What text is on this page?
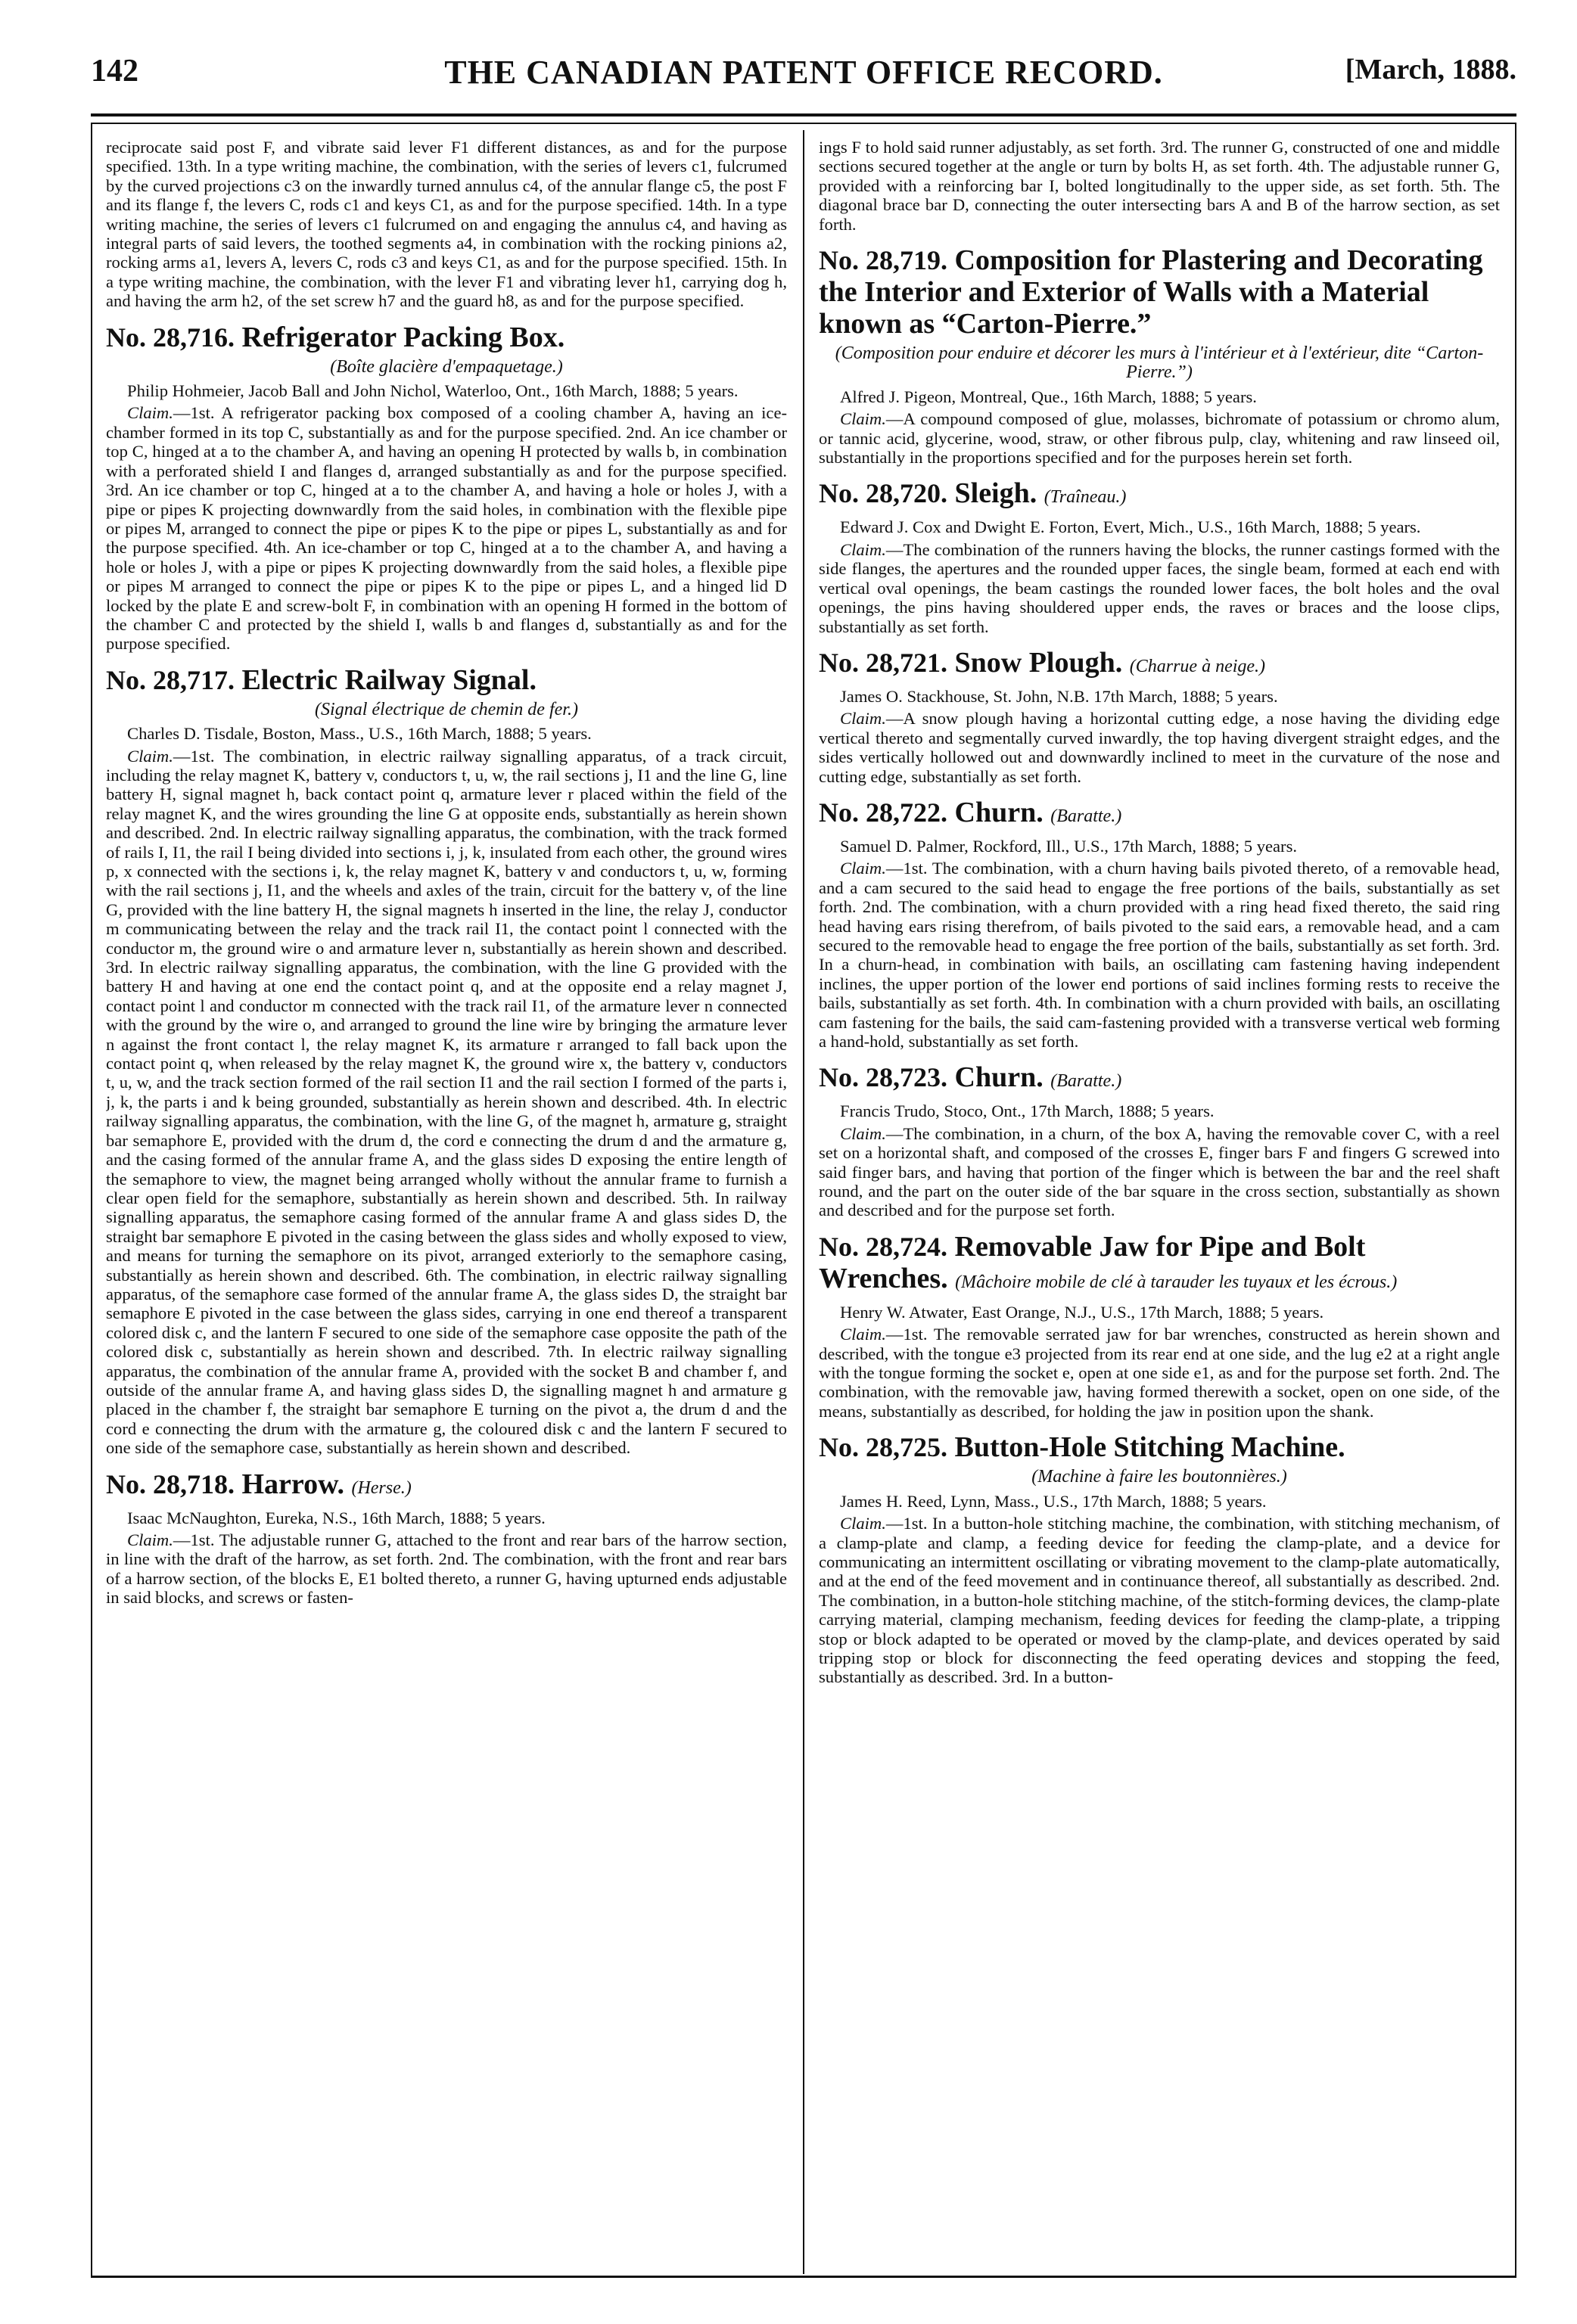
142	THE CANADIAN PATENT OFFICE RECORD.	[March, 1888.

reciprocate said post F, and vibrate said lever F1 different distances, as and for the purpose specified. 13th. In a type writing machine, the combination, with the series of levers c1, fulcrumed by the curved projections c3 on the inwardly turned annulus c4, of the annular flange c5, the post F and its flange f, the levers C, rods c1 and keys C1, as and for the purpose specified. 14th. In a type writing machine, the series of levers c1 fulcrumed on and engaging the annulus c4, and having as integral parts of said levers, the toothed segments a4, in combination with the rocking pinions a2, rocking arms a1, levers A, levers C, rods c3 and keys C1, as and for the purpose specified. 15th. In a type writing machine, the combination, with the lever F1 and vibrating lever h1, carrying dog h, and having the arm h2, of the set screw h7 and the guard h8, as and for the purpose specified.

No. 28,716. Refrigerator Packing Box.
(Boîte glacière d'empaquetage.)
Philip Hohmeier, Jacob Ball and John Nichol, Waterloo, Ont., 16th March, 1888; 5 years.

Claim.—1st. A refrigerator packing box composed of a cooling chamber A, having an ice-chamber formed in its top C, substantially as and for the purpose specified. 2nd. An ice chamber or top C, hinged at a to the chamber A, and having an opening H protected by walls b, in combination with a perforated shield I and flanges d, arranged substantially as and for the purpose specified. 3rd. An ice chamber or top C, hinged at a to the chamber A, and having a hole or holes J, with a pipe or pipes K projecting downwardly from the said holes, in combination with the flexible pipe or pipes M, arranged to connect the pipe or pipes K to the pipe or pipes L, substantially as and for the purpose specified. 4th. An ice-chamber or top C, hinged at a to the chamber A, and having a hole or holes J, with a pipe or pipes K projecting downwardly from the said holes, a flexible pipe or pipes M arranged to connect the pipe or pipes K to the pipe or pipes L, and a hinged lid D locked by the plate E and screw-bolt F, in combination with an opening H formed in the bottom of the chamber C and protected by the shield I, walls b and flanges d, substantially as and for the purpose specified.

No. 28,717. Electric Railway Signal.
(Signal électrique de chemin de fer.)
Charles D. Tisdale, Boston, Mass., U.S., 16th March, 1888; 5 years.

Claim.—1st. The combination, in electric railway signalling apparatus, of a track circuit, including the relay magnet K, battery v, conductors t, u, w, the rail sections j, I1 and the line G, line battery H, signal magnet h, back contact point q, armature lever r placed within the field of the relay magnet K, and the wires grounding the line G at opposite ends, substantially as herein shown and described. 2nd. In electric railway signalling apparatus, the combination, with the track formed of rails I, I1, the rail I being divided into sections i, j, k, insulated from each other, the ground wires p, x connected with the sections i, k, the relay magnet K, battery v and conductors t, u, w, forming with the rail sections j, I1, and the wheels and axles of the train, circuit for the battery v, of the line G, provided with the line battery H, the signal magnets h inserted in the line, the relay J, conductor m communicating between the relay and the track rail I1, the contact point l connected with the conductor m, the ground wire o and armature lever n, substantially as herein shown and described. 3rd. In electric railway signalling apparatus, the combination, with the line G provided with the battery H and having at one end the contact point q, and at the opposite end a relay magnet J, contact point l and conductor m connected with the track rail I1, of the armature lever n connected with the ground by the wire o, and arranged to ground the line wire by bringing the armature lever n against the front contact l, the relay magnet K, its armature r arranged to fall back upon the contact point q, when released by the relay magnet K, the ground wire x, the battery v, conductors t, u, w, and the track section formed of the rail section I1 and the rail section I formed of the parts i, j, k, the parts i and k being grounded, substantially as herein shown and described. 4th. In electric railway signalling apparatus, the combination, with the line G, of the magnet h, armature g, straight bar semaphore E, provided with the drum d, the cord e connecting the drum d and the armature g, and the casing formed of the annular frame A, and the glass sides D exposing the entire length of the semaphore to view, the magnet being arranged wholly without the annular frame to furnish a clear open field for the semaphore, substantially as herein shown and described. 5th. In railway signalling apparatus, the semaphore casing formed of the annular frame A and glass sides D, the straight bar semaphore E pivoted in the casing between the glass sides and wholly exposed to view, and means for turning the semaphore on its pivot, arranged exteriorly to the semaphore casing, substantially as herein shown and described. 6th. The combination, in electric railway signalling apparatus, of the semaphore case formed of the annular frame A, the glass sides D, the straight bar semaphore E pivoted in the case between the glass sides, carrying in one end thereof a transparent colored disk c, and the lantern F secured to one side of the semaphore case opposite the path of the colored disk c, substantially as herein shown and described. 7th. In electric railway signalling apparatus, the combination of the annular frame A, provided with the socket B and chamber f, and outside of the annular frame A, and having glass sides D, the signalling magnet h and armature g placed in the chamber f, the straight bar semaphore E turning on the pivot a, the drum d and the cord e connecting the drum with the armature g, the coloured disk c and the lantern F secured to one side of the semaphore case, substantially as herein shown and described.

No. 28,718. Harrow. (Herse.)
Isaac McNaughton, Eureka, N.S., 16th March, 1888; 5 years.

Claim.—1st. The adjustable runner G, attached to the front and rear bars of the harrow section, in line with the draft of the harrow, as set forth. 2nd. The combination, with the front and rear bars of a harrow section, of the blocks E, E1 bolted thereto, a runner G, having upturned ends adjustable in said blocks, and screws or fasten-

ings F to hold said runner adjustably, as set forth. 3rd. The runner G, constructed of one and middle sections secured together at the angle or turn by bolts H, as set forth. 4th. The adjustable runner G, provided with a reinforcing bar I, bolted longitudinally to the upper side, as set forth. 5th. The diagonal brace bar D, connecting the outer intersecting bars A and B of the harrow section, as set forth.

No. 28,719. Composition for Plastering and Decorating the Interior and Exterior of Walls with a Material known as “Carton-Pierre.”
(Composition pour enduire et décorer les murs à l'intérieur et à l'extérieur, dite “Carton-Pierre.”)
Alfred J. Pigeon, Montreal, Que., 16th March, 1888; 5 years.

Claim.—A compound composed of glue, molasses, bichromate of potassium or chromo alum, or tannic acid, glycerine, wood, straw, or other fibrous pulp, clay, whitening and raw linseed oil, substantially in the proportions specified and for the purposes herein set forth.

No. 28,720. Sleigh. (Traîneau.)
Edward J. Cox and Dwight E. Forton, Evert, Mich., U.S., 16th March, 1888; 5 years.

Claim.—The combination of the runners having the blocks, the runner castings formed with the side flanges, the apertures and the rounded upper faces, the single beam, formed at each end with vertical oval openings, the beam castings the rounded lower faces, the bolt holes and the oval openings, the pins having shouldered upper ends, the raves or braces and the loose clips, substantially as set forth.

No. 28,721. Snow Plough. (Charrue à neige.)
James O. Stackhouse, St. John, N.B. 17th March, 1888; 5 years.

Claim.—A snow plough having a horizontal cutting edge, a nose having the dividing edge vertical thereto and segmentally curved inwardly, the top having divergent straight edges, and the sides vertically hollowed out and downwardly inclined to meet in the curvature of the nose and cutting edge, substantially as set forth.

No. 28,722. Churn. (Baratte.)
Samuel D. Palmer, Rockford, Ill., U.S., 17th March, 1888; 5 years.

Claim.—1st. The combination, with a churn having bails pivoted thereto, of a removable head, and a cam secured to the said head to engage the free portions of the bails, substantially as set forth. 2nd. The combination, with a churn provided with a ring head fixed thereto, the said ring head having ears rising therefrom, of bails pivoted to the said ears, a removable head, and a cam secured to the removable head to engage the free portion of the bails, substantially as set forth. 3rd. In a churn-head, in combination with bails, an oscillating cam fastening having independent inclines, the upper portion of the lower end portions of said inclines forming rests to receive the bails, substantially as set forth. 4th. In combination with a churn provided with bails, an oscillating cam fastening for the bails, the said cam-fastening provided with a transverse vertical web forming a hand-hold, substantially as set forth.

No. 28,723. Churn. (Baratte.)
Francis Trudo, Stoco, Ont., 17th March, 1888; 5 years.

Claim.—The combination, in a churn, of the box A, having the removable cover C, with a reel set on a horizontal shaft, and composed of the crosses E, finger bars F and fingers G screwed into said finger bars, and having that portion of the finger which is between the bar and the reel shaft round, and the part on the outer side of the bar square in the cross section, substantially as shown and described and for the purpose set forth.

No. 28,724. Removable Jaw for Pipe and Bolt Wrenches. (Mâchoire mobile de clé à tarauder les tuyaux et les écrous.)
Henry W. Atwater, East Orange, N.J., U.S., 17th March, 1888; 5 years.

Claim.—1st. The removable serrated jaw for bar wrenches, constructed as herein shown and described, with the tongue e3 projected from its rear end at one side, and the lug e2 at a right angle with the tongue forming the socket e, open at one side e1, as and for the purpose set forth. 2nd. The combination, with the removable jaw, having formed therewith a socket, open on one side, of the means, substantially as described, for holding the jaw in position upon the shank.

No. 28,725. Button-Hole Stitching Machine.
(Machine à faire les boutonnières.)
James H. Reed, Lynn, Mass., U.S., 17th March, 1888; 5 years.

Claim.—1st. In a button-hole stitching machine, the combination, with stitching mechanism, of a clamp-plate and clamp, a feeding device for feeding the clamp-plate, and a device for communicating an intermittent oscillating or vibrating movement to the clamp-plate automatically, and at the end of the feed movement and in continuance thereof, all substantially as described. 2nd. The combination, in a button-hole stitching machine, of the stitch-forming devices, the clamp-plate carrying material, clamping mechanism, feeding devices for feeding the clamp-plate, a tripping stop or block adapted to be operated or moved by the clamp-plate, and devices operated by said tripping stop or block for disconnecting the feed operating devices and stopping the feed, substantially as described. 3rd. In a button-
